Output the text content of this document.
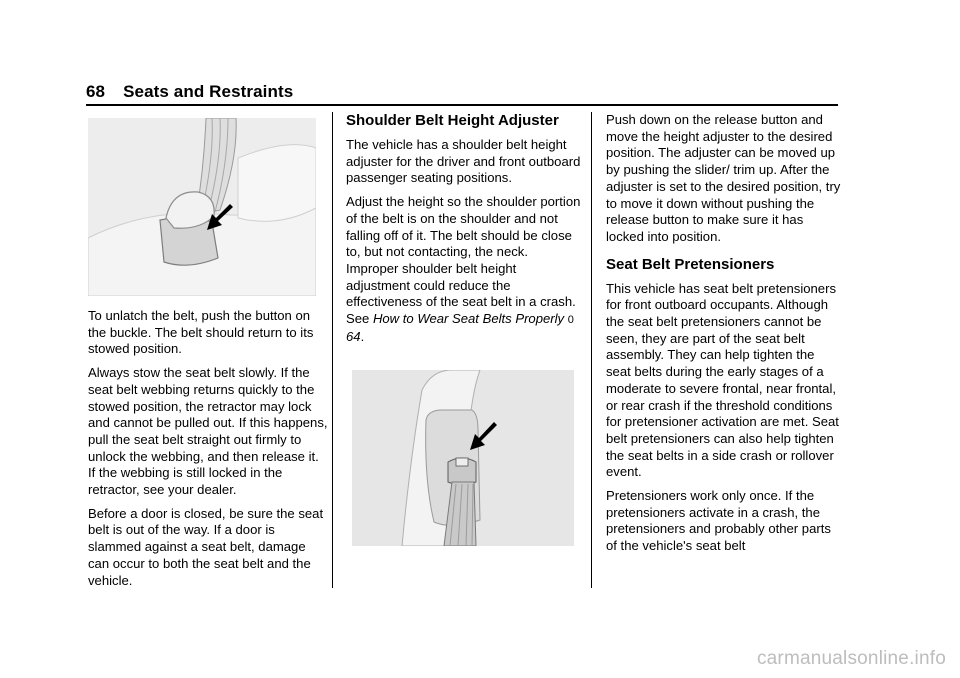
68 Seats and Restraints

To unlatch the belt, push the button on the buckle. The belt should return to its stowed position.

Always stow the seat belt slowly. If the seat belt webbing returns quickly to the stowed position, the retractor may lock and cannot be pulled out. If this happens, pull the seat belt straight out firmly to unlock the webbing, and then release it. If the webbing is still locked in the retractor, see your dealer.

Before a door is closed, be sure the seat belt is out of the way. If a door is slammed against a seat belt, damage can occur to both the seat belt and the vehicle.

Shoulder Belt Height Adjuster

The vehicle has a shoulder belt height adjuster for the driver and front outboard passenger seating positions.

Adjust the height so the shoulder portion of the belt is on the shoulder and not falling off of it. The belt should be close to, but not contacting, the neck. Improper shoulder belt height adjustment could reduce the effectiveness of the seat belt in a crash. See How to Wear Seat Belts Properly 0 64.

Push down on the release button and move the height adjuster to the desired position. The adjuster can be moved up by pushing the slider/ trim up. After the adjuster is set to the desired position, try to move it down without pushing the release button to make sure it has locked into position.

Seat Belt Pretensioners

This vehicle has seat belt pretensioners for front outboard occupants. Although the seat belt pretensioners cannot be seen, they are part of the seat belt assembly. They can help tighten the seat belts during the early stages of a moderate to severe frontal, near frontal, or rear crash if the threshold conditions for pretensioner activation are met. Seat belt pretensioners can also help tighten the seat belts in a side crash or rollover event.

Pretensioners work only once. If the pretensioners activate in a crash, the pretensioners and probably other parts of the vehicle's seat belt

carmanualsonline.info
